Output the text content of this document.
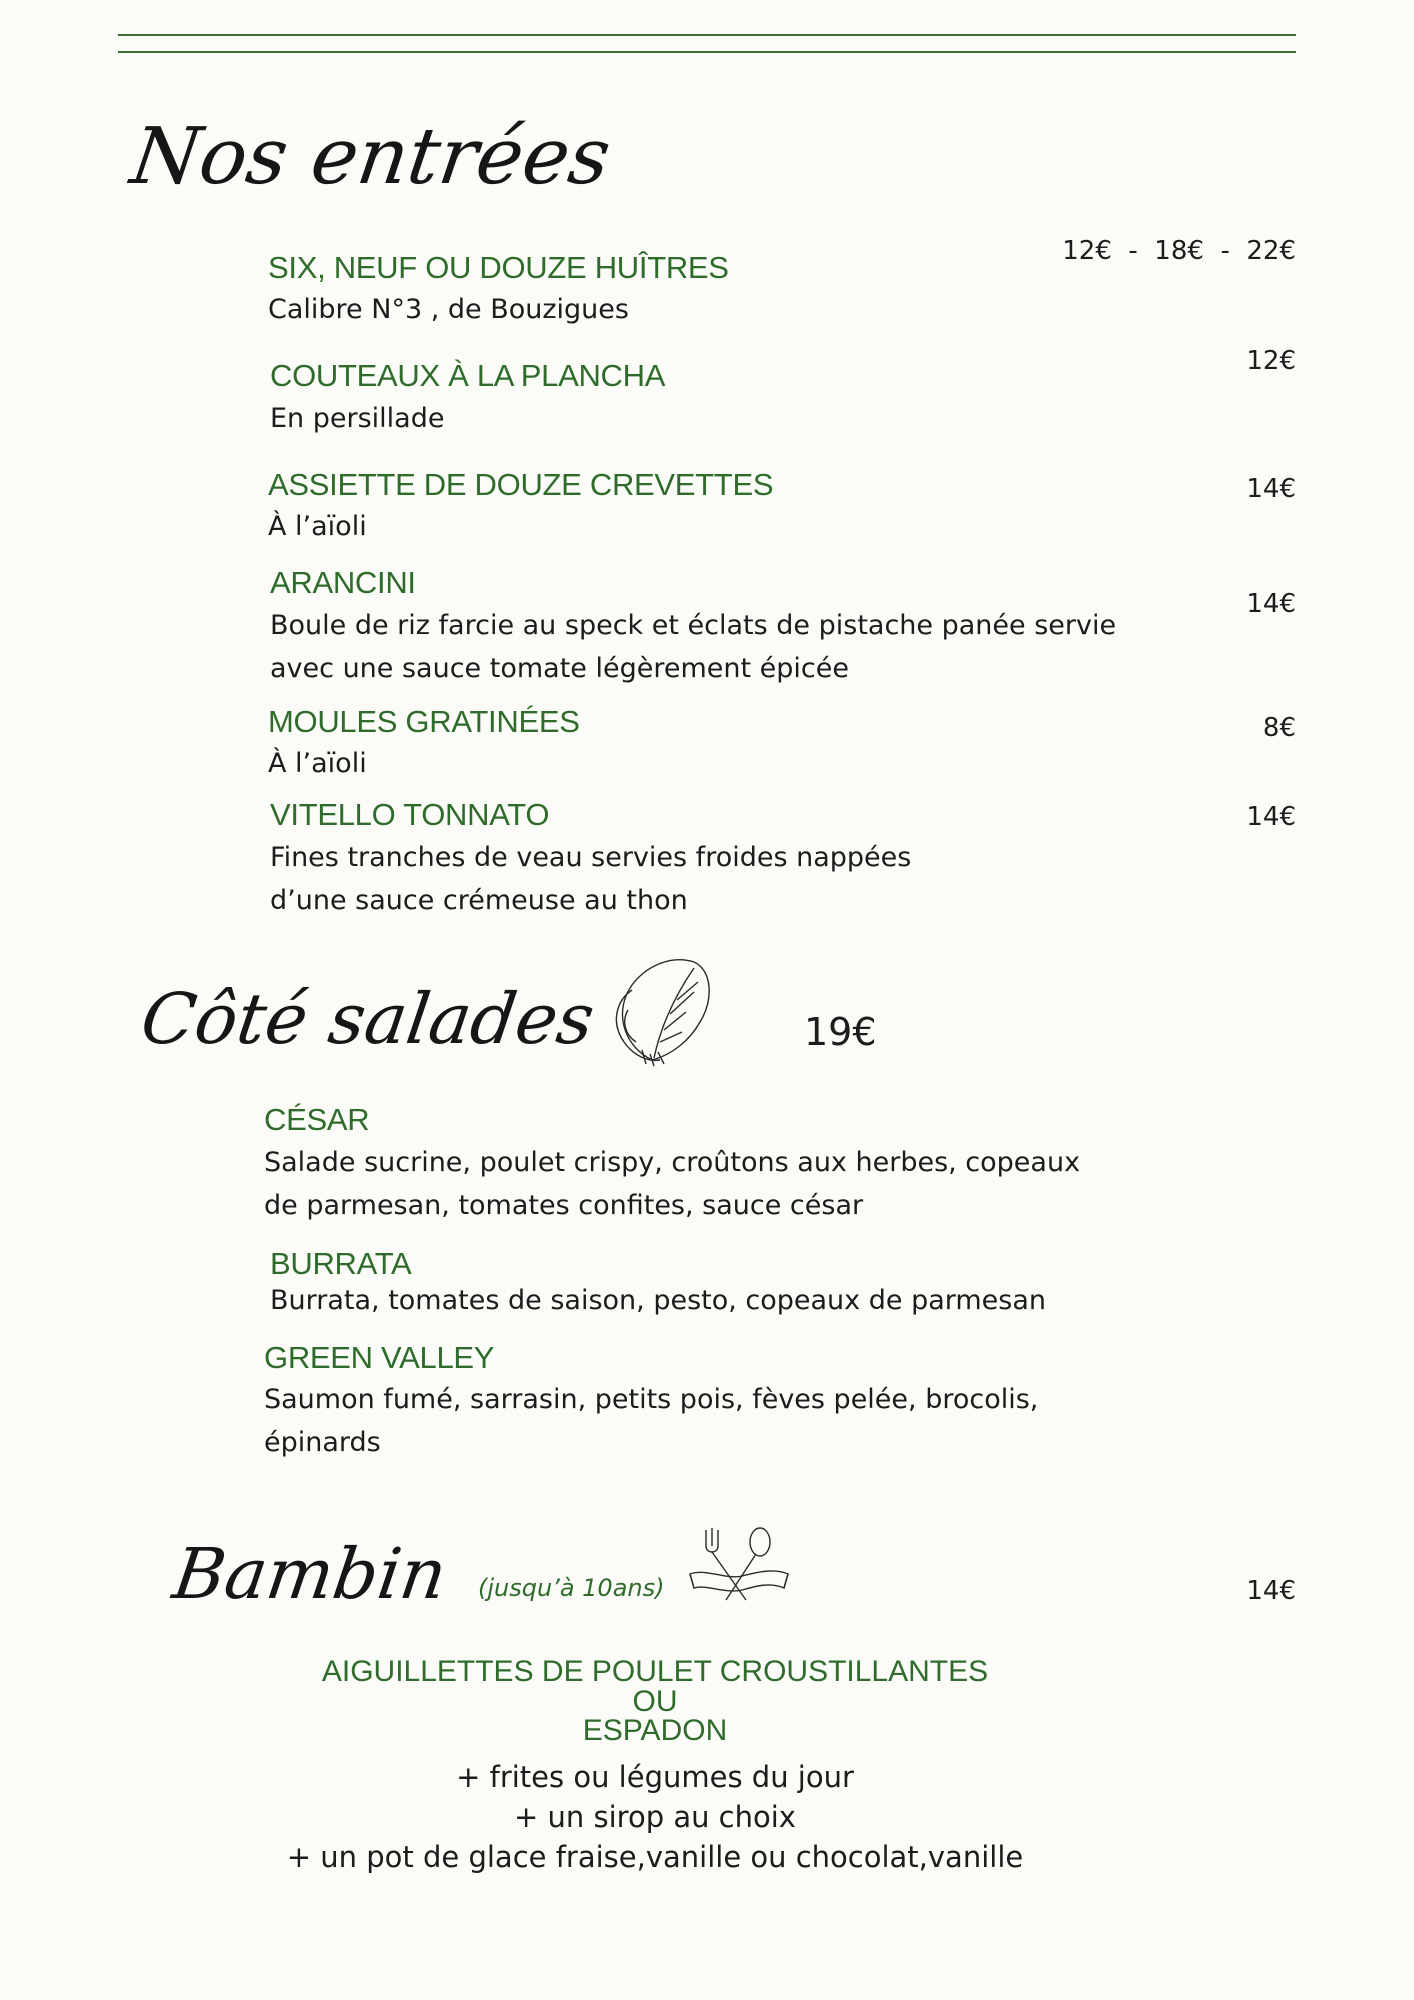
Nos entrées
SIX, NEUF OU DOUZE HUÎTRES
Calibre N°3 , de Bouzigues
12€  -  18€  -  22€
COUTEAUX À LA PLANCHA
En persillade
12€
ASSIETTE DE DOUZE CREVETTES
À l’aïoli
14€
ARANCINI
Boule de riz farcie au speck et éclats de pistache panée servie
avec une sauce tomate légèrement épicée
14€
MOULES GRATINÉES
À l’aïoli
8€
VITELLO TONNATO
Fines tranches de veau servies froides nappées
d’une sauce crémeuse au thon
14€
Côté salades	19€
CÉSAR
Salade sucrine, poulet crispy, croûtons aux herbes, copeaux
de parmesan, tomates confites, sauce césar
BURRATA
Burrata, tomates de saison, pesto, copeaux de parmesan
GREEN VALLEY
Saumon fumé, sarrasin, petits pois, fèves pelée, brocolis,
épinards
Bambin (jusqu’à 10ans)	14€
AIGUILLETTES DE POULET CROUSTILLANTES
OU
ESPADON
+ frites ou légumes du jour
+ un sirop au choix
+ un pot de glace fraise,vanille ou chocolat,vanille
